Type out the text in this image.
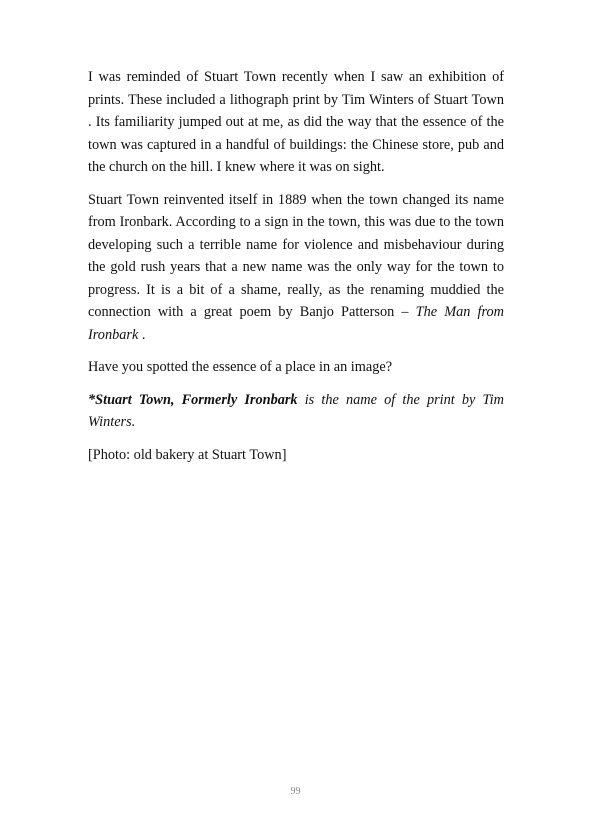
I was reminded of Stuart Town recently when I saw an exhibition of prints. These included a lithograph print by Tim Winters of Stuart Town . Its familiarity jumped out at me, as did the way that the essence of the town was captured in a handful of buildings: the Chinese store, pub and the church on the hill. I knew where it was on sight.

Stuart Town reinvented itself in 1889 when the town changed its name from Ironbark. According to a sign in the town, this was due to the town developing such a terrible name for violence and misbehaviour during the gold rush years that a new name was the only way for the town to progress. It is a bit of a shame, really, as the renaming muddied the connection with a great poem by Banjo Patterson – The Man from Ironbark .

Have you spotted the essence of a place in an image?

*Stuart Town, Formerly Ironbark is the name of the print by Tim Winters.

[Photo: old bakery at Stuart Town]

99
